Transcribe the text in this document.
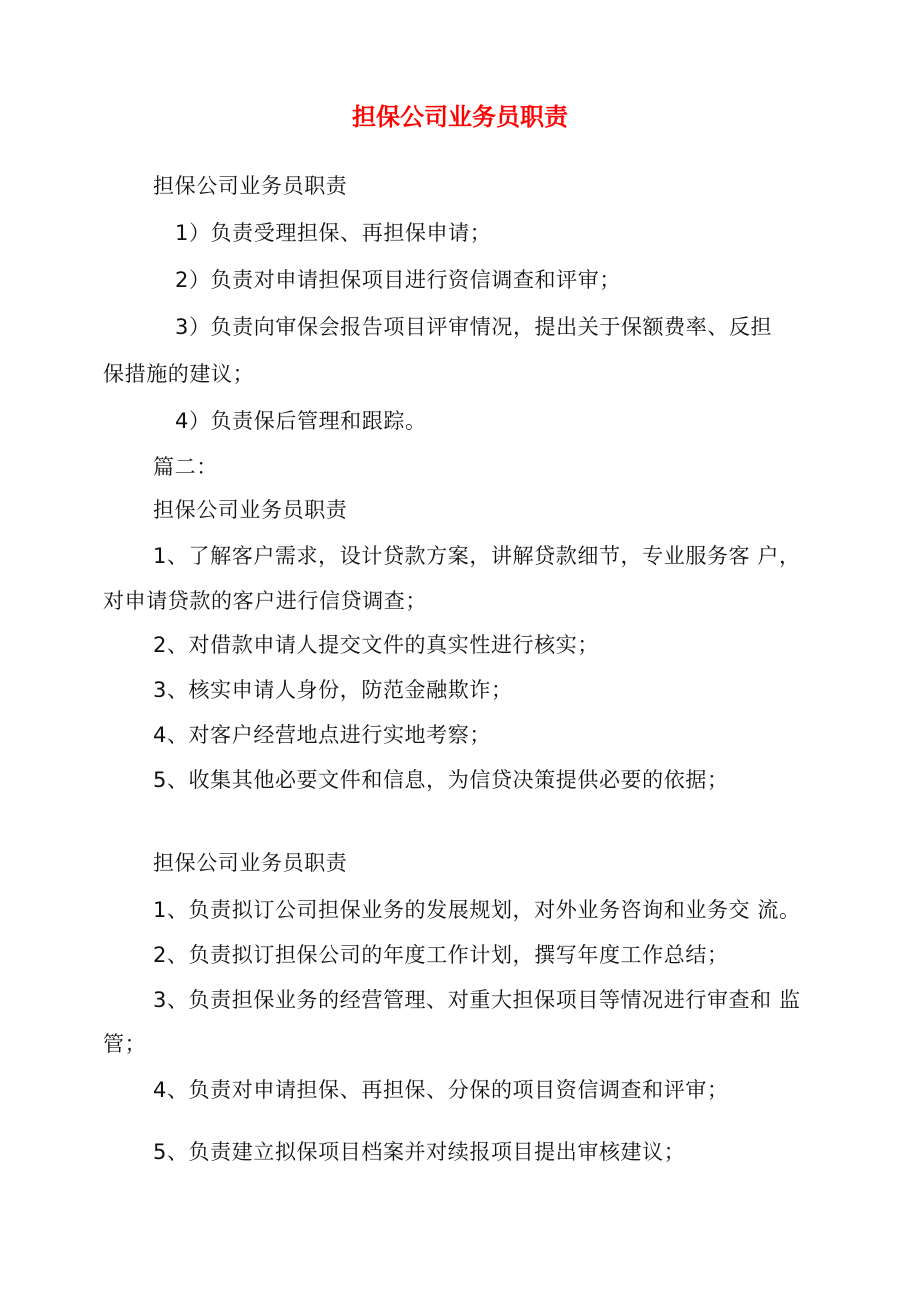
担保公司业务员职责
担保公司业务员职责
1）负责受理担保、再担保申请；
2）负责对申请担保项目进行资信调查和评审；
3）负责向审保会报告项目评审情况，提出关于保额费率、反担
保措施的建议；
4）负责保后管理和跟踪。
篇二：
担保公司业务员职责
1、了解客户需求，设计贷款方案，讲解贷款细节，专业服务客 户，
对申请贷款的客户进行信贷调查；
2、对借款申请人提交文件的真实性进行核实；
3、核实申请人身份，防范金融欺诈；
4、对客户经营地点进行实地考察；
5、收集其他必要文件和信息，为信贷决策提供必要的依据；
担保公司业务员职责
1、负责拟订公司担保业务的发展规划，对外业务咨询和业务交 流。
2、负责拟订担保公司的年度工作计划，撰写年度工作总结；
3、负责担保业务的经营管理、对重大担保项目等情况进行审查和 监
管；
4、负责对申请担保、再担保、分保的项目资信调查和评审；
5、负责建立拟保项目档案并对续报项目提出审核建议；
